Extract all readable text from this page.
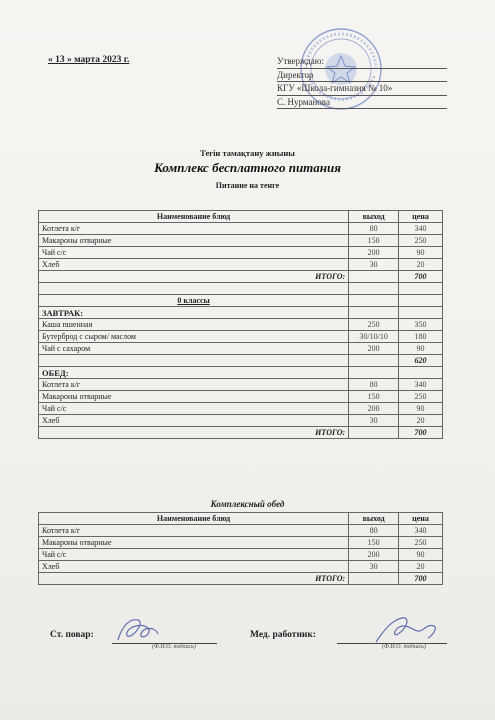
« 13 » марта 2023 г.	Утверждаю:
Директор
КГУ «Школа-гимназия № 10»
С. Нурманова
Тегін тамақтану жиыны
Комплекс бесплатного питания
Питание на тенге
Наименование блюд	выход	цена
Котлета к/г	80	340
Макароны отварные	150	250
Чай с/с	200	90
Хлеб	30	20
ИТОГО:		700

0 классы		
ЗАВТРАК:		
Каша пшенная	250	350
Бутерброд с сыром/ маслом	30/10/10	180
Чай с сахаром	200	90
		620
ОБЕД:		
Котлета к/г	80	340
Макароны отварные	150	250
Чай с/с	200	90
Хлеб	30	20
ИТОГО:		700
Комплексный обед
Наименование блюд	выход	цена
Котлета к/г	80	340
Макароны отварные	150	250
Чай с/с	200	90
Хлеб	30	20
ИТОГО:		700
Ст. повар:
(Ф.И.О. подпись)
Мед. работник:
(Ф.И.О. подпись)
